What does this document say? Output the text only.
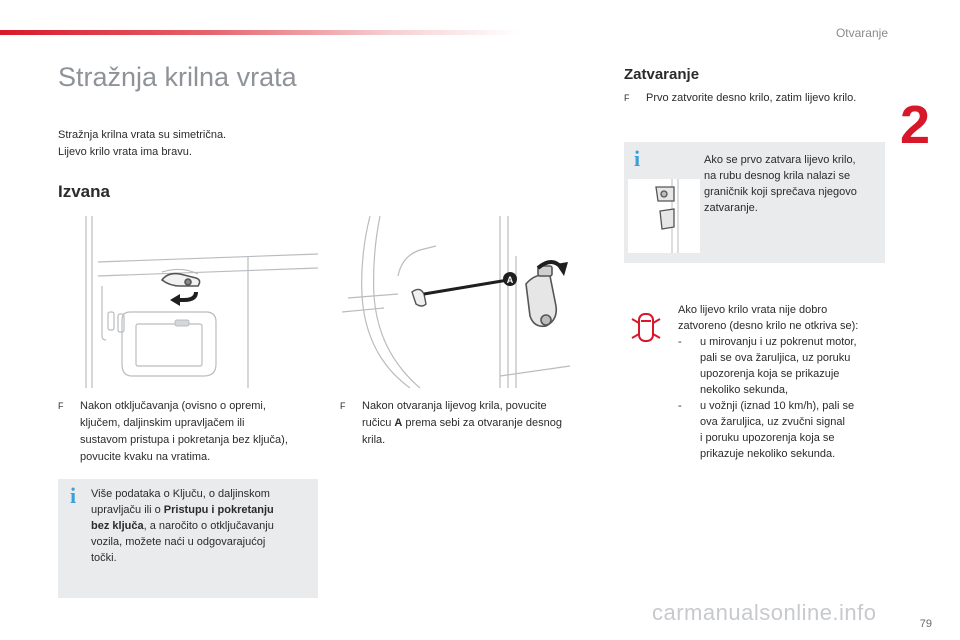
Otvaranje
2
Stražnja krilna vrata
Stražnja krilna vrata su simetrična.
Lijevo krilo vrata ima bravu.
Izvana
A
F Nakon otključavanja (ovisno o opremi,
ključem, daljinskim upravljačem ili
sustavom pristupa i pokretanja bez ključa),
povucite kvaku na vratima.
F Nakon otvaranja lijevog krila, povucite
ručicu A prema sebi za otvaranje desnog
krila.
i Više podataka o Ključu, o daljinskom
upravljaču ili o Pristupu i pokretanju
bez ključa, a naročito o otključavanju
vozila, možete naći u odgovarajućoj
točki.
Zatvaranje
F Prvo zatvorite desno krilo, zatim lijevo krilo.
i	Ako se prvo zatvara lijevo krilo,
na rubu desnog krila nalazi se
graničnik koji sprečava njegovo
zatvaranje.
Ako lijevo krilo vrata nije dobro
zatvoreno (desno krilo ne otkriva se):
- u mirovanju i uz pokrenut motor,
pali se ova žaruljica, uz poruku
upozorenja koja se prikazuje
nekoliko sekunda,
- u vožnji (iznad 10 km/h), pali se
ova žaruljica, uz zvučni signal
i poruku upozorenja koja se
prikazuje nekoliko sekunda.
carmanualsonline.info	79
